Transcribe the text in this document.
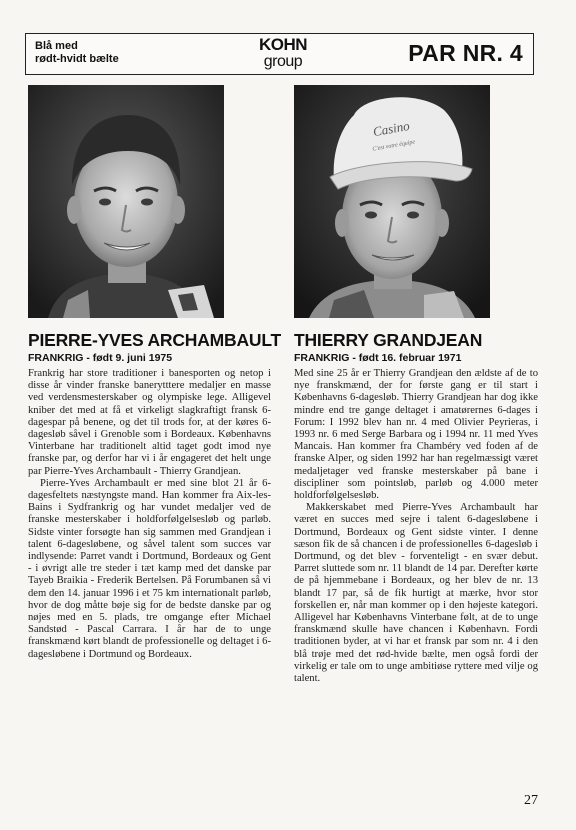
Blå med
rødt-hvidt bælte
KOHN
group	PAR NR. 4
Casino
C'est votre équipe
PIERRE-YVES ARCHAMBAULT
FRANKRIG - født 9. juni 1975
THIERRY GRANDJEAN
FRANKRIG - født 16. februar 1971

Frankrig har store traditioner i banesporten og netop i disse år vinder franske banerytttere medaljer en masse ved verdensmesterskaber og olympiske lege. Alligevel kniber det med at få et virkeligt slagkraftigt fransk 6-dagespar på benene, og det til trods for, at der køres 6-dagesløb såvel i Grenoble som i Bordeaux. Københavns Vinterbane har traditionelt altid taget godt imod nye franske par, og derfor har vi i år engageret det helt unge par Pierre-Yves Archambault - Thierry Grandjean.

Pierre-Yves Archambault er med sine blot 21 år 6-dagesfeltets næstyngste mand. Han kommer fra Aix-les-Bains i Sydfrankrig og har vundet medaljer ved de franske mesterskaber i holdforfølgelsesløb og parløb. Sidste vinter forsøgte han sig sammen med Grandjean i talent 6-dagesløbene, og såvel talent som succes var indlysende: Parret vandt i Dortmund, Bordeaux og Gent - i øvrigt alle tre steder i tæt kamp med det danske par Tayeb Braikia - Frederik Bertelsen. På Forumbanen så vi dem den 14. januar 1996 i et 75 km internationalt parløb, hvor de dog måtte bøje sig for de bedste danske par og nøjes med en 5. plads, tre omgange efter Michael Sandstød - Pascal Carrara. I år har de to unge franskmænd kørt blandt de professionelle og deltaget i 6-dagesløbene i Dortmund og Bordeaux.

Med sine 25 år er Thierry Grandjean den ældste af de to nye franskmænd, der for første gang er til start i Københavns 6-dagesløb. Thierry Grandjean har dog ikke mindre end tre gange deltaget i amatørernes 6-dages i Forum: I 1992 blev han nr. 4 med Olivier Peyrieras, i 1993 nr. 6 med Serge Barbara og i 1994 nr. 11 med Yves Mancais. Han kommer fra Chambéry ved foden af de franske Alper, og siden 1992 har han regelmæssigt været medaljetager ved franske mesterskaber på bane i discipliner som pointsløb, parløb og 4.000 meter holdforfølgelsesløb.

Makkerskabet med Pierre-Yves Archambault har været en succes med sejre i talent 6-dagesløbene i Dortmund, Bordeaux og Gent sidste vinter. I denne sæson fik de så chancen i de professionelles 6-dagesløb i Dortmund, og det blev - forventeligt - en svær debut. Parret sluttede som nr. 11 blandt de 14 par. Derefter kørte de på hjemmebane i Bordeaux, og her blev de nr. 13 blandt 17 par, så de fik hurtigt at mærke, hvor stor forskellen er, når man kommer op i den højeste kategori. Alligevel har Københavns Vinterbane følt, at de to unge franskmænd skulle have chancen i København. Fordi traditionen byder, at vi har et fransk par som nr. 4 i den blå trøje med det rød-hvide bælte, men også fordi der virkelig er tale om to unge ambitiøse ryttere med vilje og talent.

27
